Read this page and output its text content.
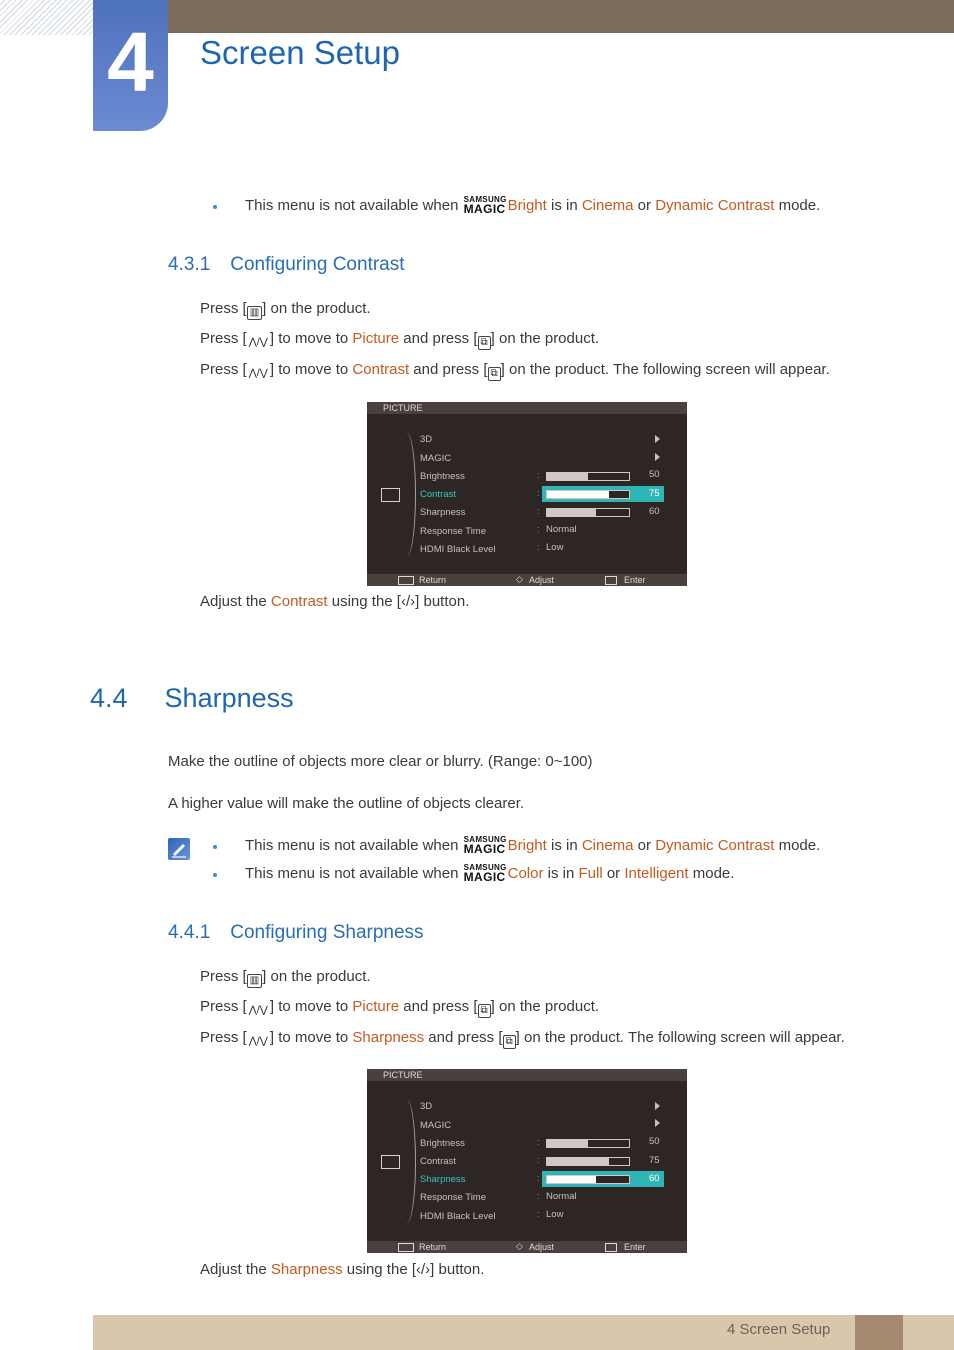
4	Screen Setup
This menu is not available when SAMSUNG
MAGIC Bright is in Cinema or Dynamic Contrast mode.
4.3.1 Configuring Contrast
Press [ ▥ ] on the product.
Press [ ⋀/⋁ ] to move to Picture and press [ ⧉ ] on the product.
Press [ ⋀/⋁ ] to move to Contrast and press [ ⧉ ] on the product. The following screen will appear.
PICTURE
3D
MAGIC
Brightness	:	50
Contrast	:	75
Sharpness	:	60
Response Time	: Normal
HDMI Black Level	: Low
Return	◇ Adjust	Enter
Adjust the Contrast using the [‹/›] button.
4.4 Sharpness
Make the outline of objects more clear or blurry. (Range: 0~100)
A higher value will make the outline of objects clearer.
This menu is not available when SAMSUNG
MAGIC Bright is in Cinema or Dynamic Contrast mode.
This menu is not available when SAMSUNG
MAGIC Color is in Full or Intelligent mode.
4.4.1 Configuring Sharpness
Press [ ▥ ] on the product.
Press [ ⋀/⋁ ] to move to Picture and press [ ⧉ ] on the product.
Press [ ⋀/⋁ ] to move to Sharpness and press [ ⧉ ] on the product. The following screen will appear.
PICTURE
3D
MAGIC
Brightness	:	50
Contrast	:	75
Sharpness	:	60
Response Time	: Normal
HDMI Black Level	: Low
Return	◇ Adjust	Enter
Adjust the Sharpness using the [‹/›] button.
4 Screen Setup
